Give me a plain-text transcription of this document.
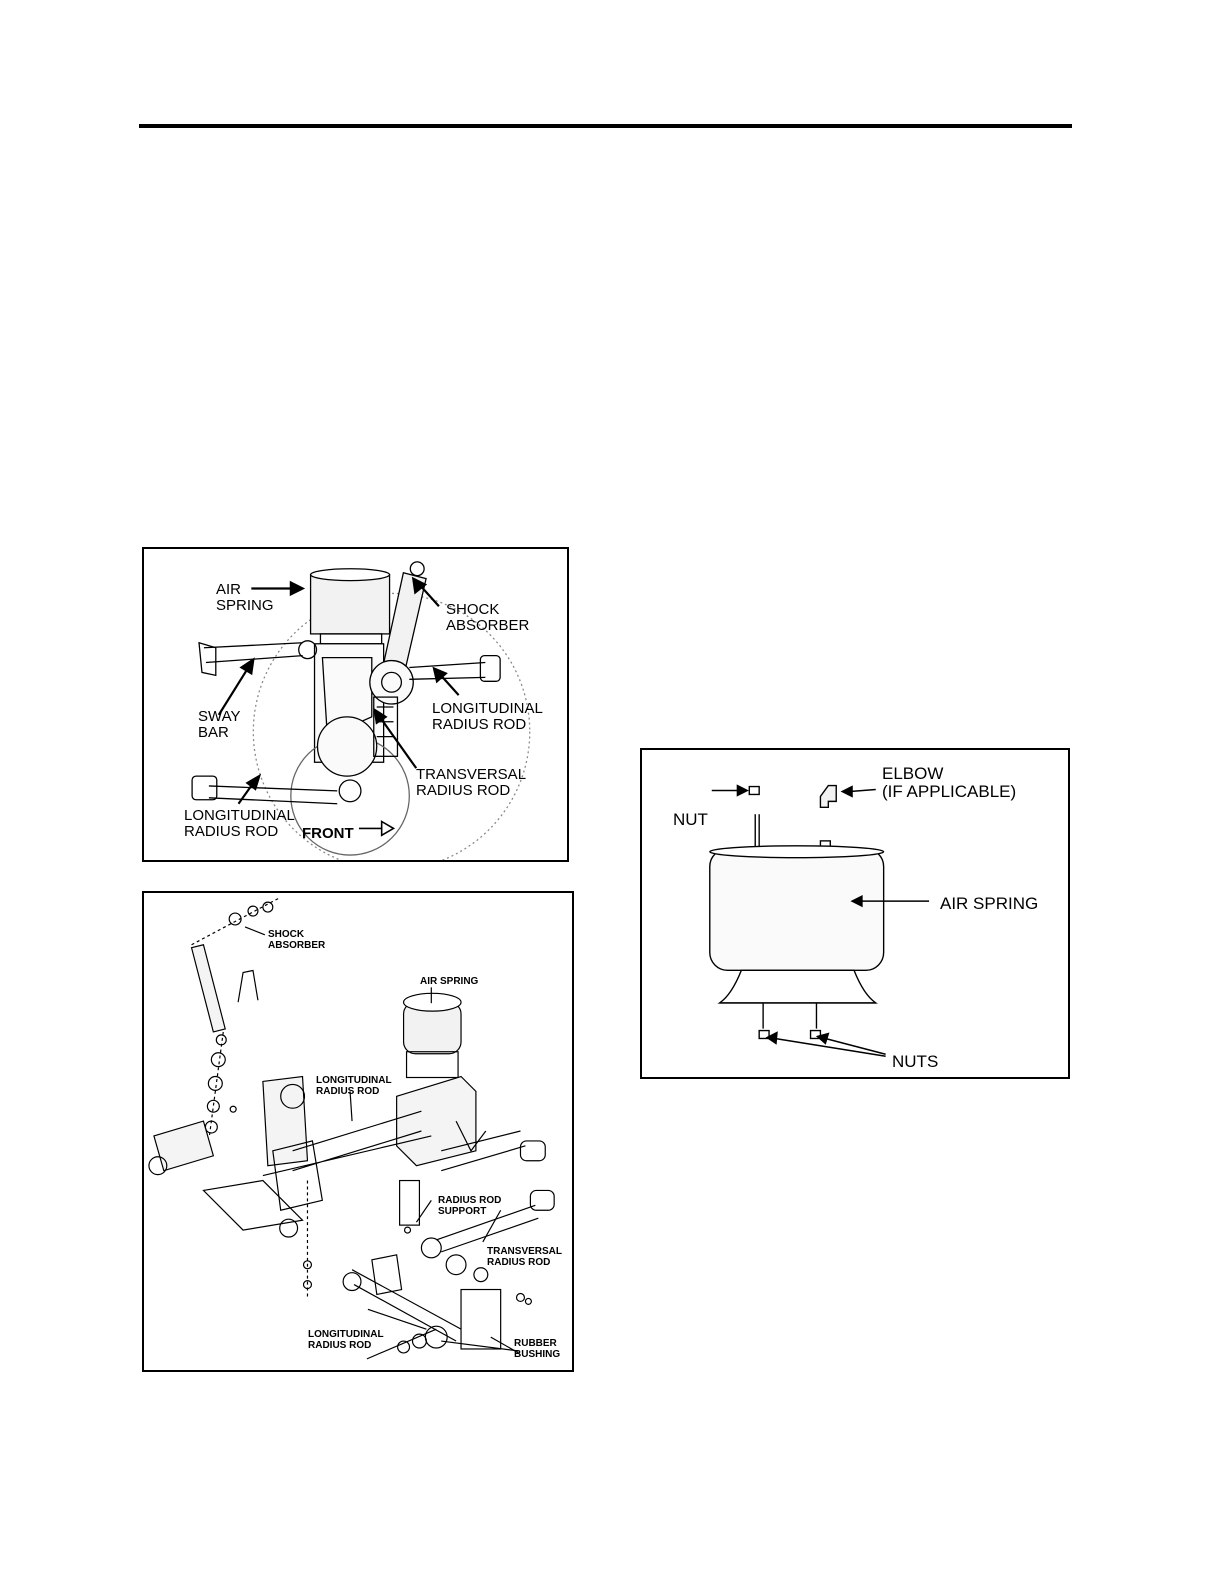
AIR
SPRING	SHOCK
ABSORBER
SWAY
BAR
LONGITUDINAL
RADIUS ROD
TRANSVERSAL
RADIUS ROD
LONGITUDINAL
RADIUS ROD	FRONT
SHOCK
ABSORBER
AIR SPRING
LONGITUDINAL
RADIUS ROD
RADIUS ROD
SUPPORT
TRANSVERSAL
RADIUS ROD
LONGITUDINAL
RADIUS ROD	RUBBER
BUSHING
ELBOW
(IF APPLICABLE)
NUT
AIR SPRING
NUTS
